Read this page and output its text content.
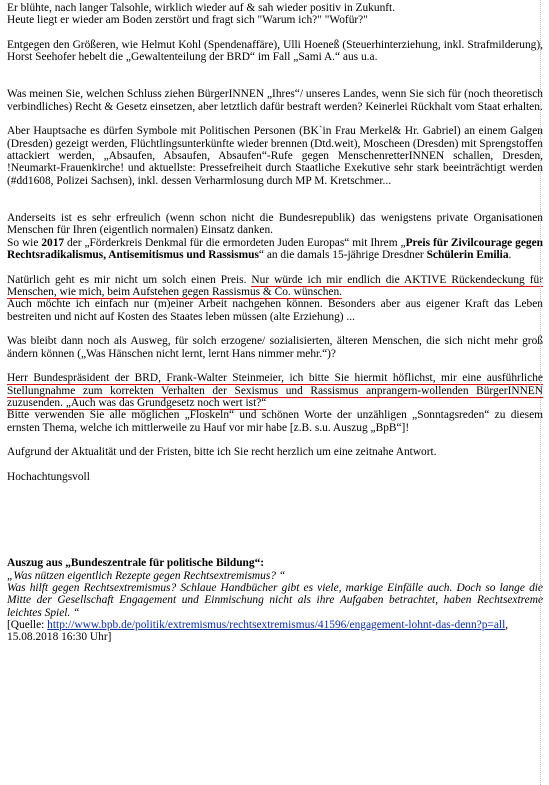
Er blühte, nach langer Talsohle, wirklich wieder auf & sah wieder positiv in Zukunft.

Heute liegt er wieder am Boden zerstört und fragt sich "Warum ich?" "Wofür?"

Entgegen den Größeren, wie Helmut Kohl (Spendenaffäre), Ulli Hoeneß (Steuerhinterziehung, inkl. Strafmilderung), Horst Seehofer hebelt die „Gewaltenteilung der BRD“ im Fall „Sami A.“ aus u.a.

Was meinen Sie, welchen Schluss ziehen BürgerINNEN „Ihres“/ unseres Landes, wenn Sie sich für (noch theoretisch verbindliches) Recht & Gesetz einsetzen, aber letztlich dafür bestraft werden? Keinerlei Rückhalt vom Staat erhalten.

Aber Hauptsache es dürfen Symbole mit Politischen Personen (BK`in Frau Merkel& Hr. Gabriel) an einem Galgen (Dresden) gezeigt werden, Flüchtlingsunterkünfte wieder brennen (Dtd.weit), Moscheen (Dresden) mit Sprengstoffen attackiert werden, „Absaufen, Absaufen, Absaufen“-Rufe gegen MenschenretterINNEN schallen, Dresden, !Neumarkt-Frauenkirche! und aktuellste: Pressefreiheit durch Staatliche Exekutive sehr stark beeinträchtigt werden (#dd1608, Polizei Sachsen), inkl. dessen Verharmlosung durch MP M. Kretschmer...

Anderseits ist es sehr erfreulich (wenn schon nicht die Bundesrepublik) das wenigstens private Organisationen Menschen für Ihren (eigentlich normalen) Einsatz danken.

So wie 2017 der „Förderkreis Denkmal für die ermordeten Juden Europas“ mit Ihrem „Preis für Zivilcourage gegen Rechtsradikalismus, Antisemitismus und Rassismus“ an die damals 15-jährige Dresdner Schülerin Emilia.

Natürlich geht es mir nicht um solch einen Preis. Nur würde ich mir endlich die AKTIVE Rückendeckung für Menschen, wie mich, beim Aufstehen gegen Rassismus & Co. wünschen.

Auch möchte ich einfach nur (m)einer Arbeit nachgehen können. Besonders aber aus eigener Kraft das Leben bestreiten und nicht auf Kosten des Staates leben müssen (alte Erziehung) ...

Was bleibt dann noch als Ausweg, für solch erzogene/ sozialisierten, älteren Menschen, die sich nicht mehr groß ändern können („Was Hänschen nicht lernt, lernt Hans nimmer mehr.“)?

Herr Bundespräsident der BRD, Frank-Walter Steinmeier, ich bitte Sie hiermit höflichst, mir eine ausführliche Stellungnahme zum korrekten Verhalten der Sexismus und Rassismus anprangern-wollenden BürgerINNEN zuzusenden. „Auch was das Grundgesetz noch wert ist?“

Bitte verwenden Sie alle möglichen „Floskeln“ und schönen Worte der unzähligen „Sonntagsreden“ zu diesem ernsten Thema, welche ich mittlerweile zu Hauf vor mir habe [z.B. s.u. Auszug „BpB“]!

Aufgrund der Aktualität und der Fristen, bitte ich Sie recht herzlich um eine zeitnahe Antwort.

Hochachtungsvoll

Auszug aus „Bundeszentrale für politische Bildung“:

„Was nützen eigentlich Rezepte gegen Rechtsextremismus? “

Was hilft gegen Rechtsextremismus? Schlaue Handbücher gibt es viele, markige Einfälle auch. Doch so lange die Mitte der Gesellschaft Engagement und Einmischung nicht als ihre Aufgaben betrachtet, haben Rechtsextreme leichtes Spiel. “

[Quelle: http://www.bpb.de/politik/extremismus/rechtsextremismus/41596/engagement-lohnt-das-denn?p=all, 15.08.2018 16:30 Uhr]
